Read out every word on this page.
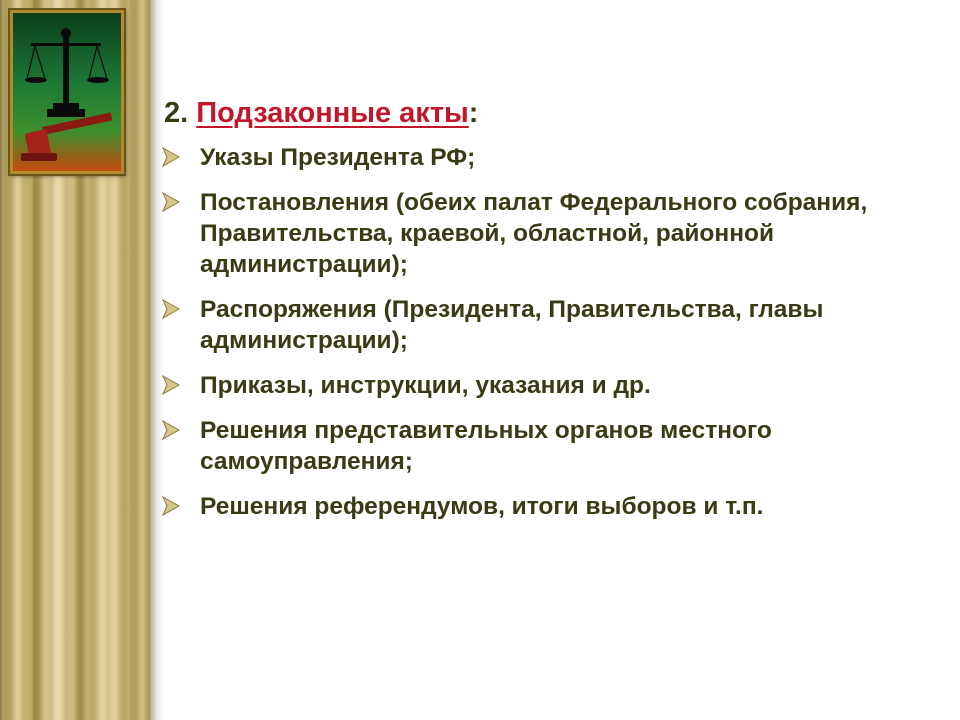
2. Подзаконные акты:
Указы Президента РФ;
Постановления (обеих палат Федерального собрания, Правительства, краевой, областной, районной администрации);
Распоряжения (Президента, Правительства, главы администрации);
Приказы, инструкции, указания и др.
Решения представительных органов местного самоуправления;
Решения референдумов, итоги выборов и т.п.
